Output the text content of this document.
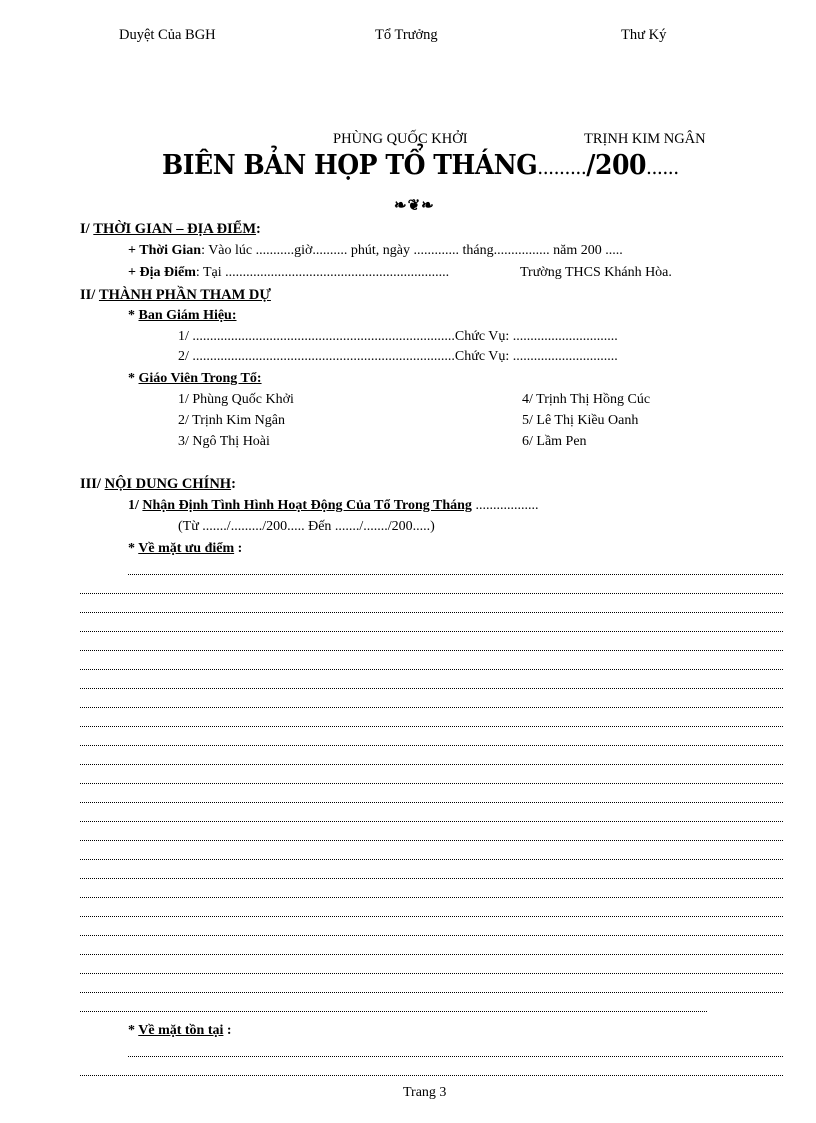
Duyệt Của BGH	Tổ Trưởng	Thư Ký
PHÙNG QUỐC KHỞI	TRỊNH KIM NGÂN
BIÊN BẢN HỌP TỔ THÁNG........./200......
❧❦❧
I/ THỜI GIAN – ĐỊA ĐIỂM:
+ Thời Gian: Vào lúc ...........giờ.......... phút, ngày ............. tháng................ năm 200 .....
+ Địa Điểm: Tại ................................................................	Trường THCS Khánh Hòa.
II/ THÀNH PHẦN THAM DỰ
* Ban Giám Hiệu:
1/ ...........................................................................Chức Vụ: ..............................
2/ ...........................................................................Chức Vụ: ..............................
* Giáo Viên Trong Tổ:
1/ Phùng Quốc Khởi
2/ Trịnh Kim Ngân
3/ Ngô Thị Hoài
4/ Trịnh Thị Hồng Cúc
5/ Lê Thị Kiều Oanh
6/ Lầm Pen
III/ NỘI DUNG CHÍNH:
1/ Nhận Định Tình Hình Hoạt Động Của Tổ Trong Tháng ..................
(Từ ......./........./200..... Đến ......./......./200.....)
* Về mặt ưu điểm :
* Về mặt tồn tại :
Trang 3
